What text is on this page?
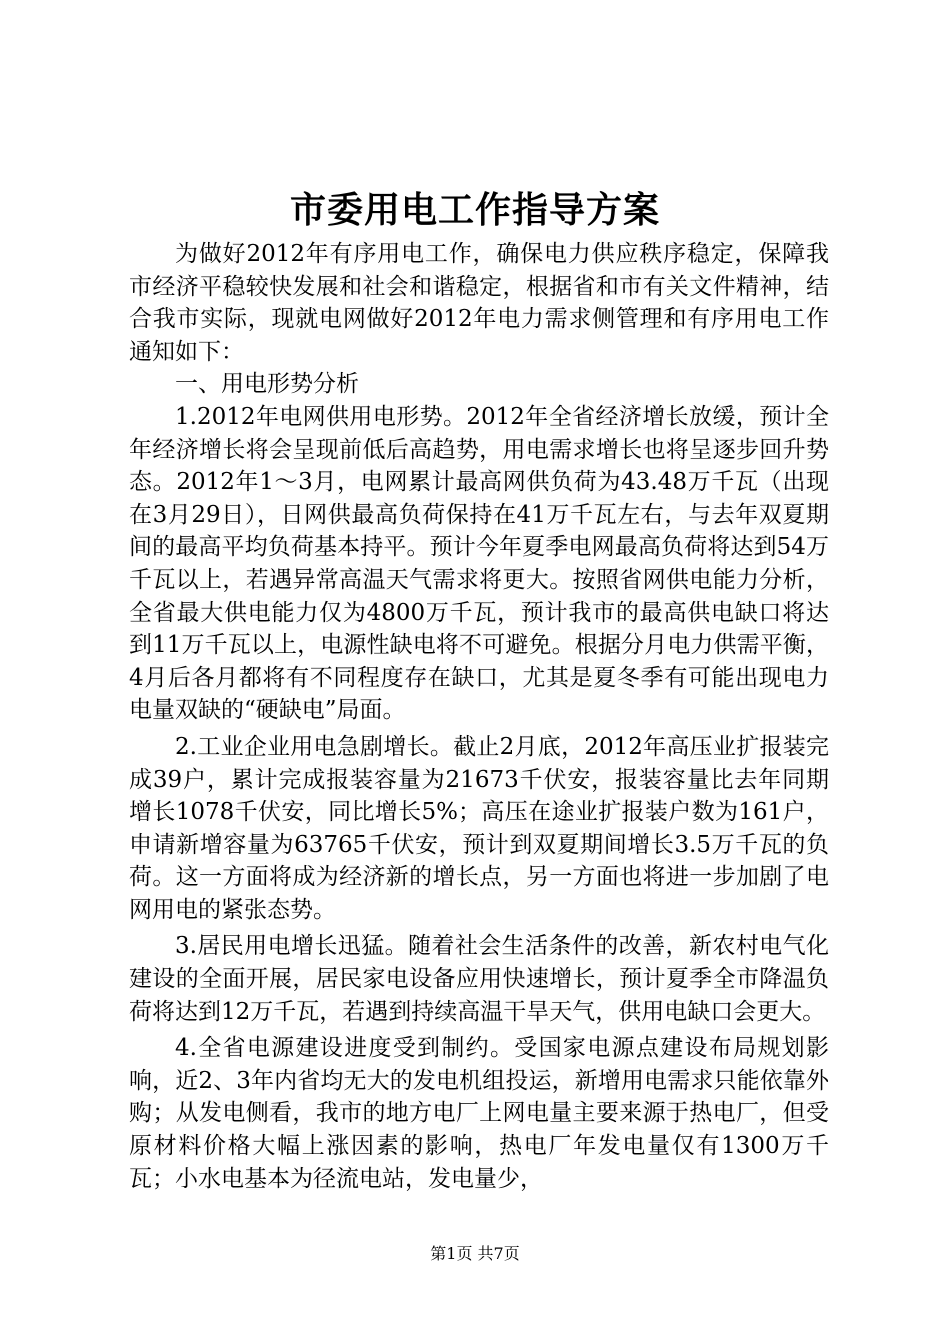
市委用电工作指导方案

为做好2012年有序用电工作，确保电力供应秩序稳定，保障我市经济平稳较快发展和社会和谐稳定，根据省和市有关文件精神，结合我市实际，现就电网做好2012年电力需求侧管理和有序用电工作通知如下：

一、用电形势分析

1.2012年电网供用电形势。2012年全省经济增长放缓，预计全年经济增长将会呈现前低后高趋势，用电需求增长也将呈逐步回升势态。2012年1～3月，电网累计最高网供负荷为43.48万千瓦（出现在3月29日），日网供最高负荷保持在41万千瓦左右，与去年双夏期间的最高平均负荷基本持平。预计今年夏季电网最高负荷将达到54万千瓦以上，若遇异常高温天气需求将更大。按照省网供电能力分析，全省最大供电能力仅为4800万千瓦，预计我市的最高供电缺口将达到11万千瓦以上，电源性缺电将不可避免。根据分月电力供需平衡，4月后各月都将有不同程度存在缺口，尤其是夏冬季有可能出现电力电量双缺的“硬缺电”局面。

2.工业企业用电急剧增长。截止2月底，2012年高压业扩报装完成39户，累计完成报装容量为21673千伏安，报装容量比去年同期增长1078千伏安，同比增长5%；高压在途业扩报装户数为161户，申请新增容量为63765千伏安，预计到双夏期间增长3.5万千瓦的负荷。这一方面将成为经济新的增长点，另一方面也将进一步加剧了电网用电的紧张态势。

3.居民用电增长迅猛。随着社会生活条件的改善，新农村电气化建设的全面开展，居民家电设备应用快速增长，预计夏季全市降温负荷将达到12万千瓦，若遇到持续高温干旱天气，供用电缺口会更大。

4.全省电源建设进度受到制约。受国家电源点建设布局规划影响，近2、3年内省均无大的发电机组投运，新增用电需求只能依靠外购；从发电侧看，我市的地方电厂上网电量主要来源于热电厂，但受原材料价格大幅上涨因素的影响，热电厂年发电量仅有1300万千瓦；小水电基本为径流电站，发电量少，

第1页 共7页
